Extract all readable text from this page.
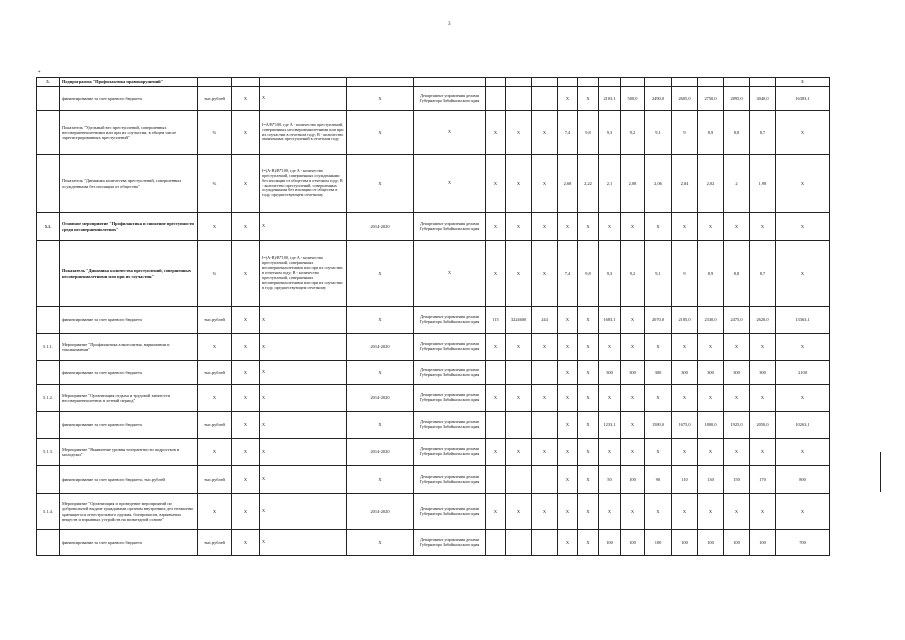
3
*
5.	Подпрограмма "Профилактика правонарушений"																		5
	финансирование за счет краевого бюджета	тыс.рублей	X	X	X	Департамент управления делами Губернатора Забайкальского края				X	X	2103,1	500,0	2490,0	2605,0	2750,0	2895,0	3040,0	16383,1
	Показатель "Удельный вес преступлений, совершенных несовершеннолетними или при их соучастии, в общем числе зарегистрированных преступлений"	%	X	I=A/B*100, где A - количество преступлений, совершенных несовершеннолетними или при их соучастии в отчетном году; B - количество оконченных преступлений в отчетном году	X	X	X	X	X	7,4	9,8	9,3	9,2	9,1	9	8,9	8,8	8,7	X
	Показатель "Динамика количества преступлений, совершенных осужденными без изоляции от общества"	%	X	I=(A-B)/B*100, где A - количество преступлений, совершенных осужденными без изоляции от общества в отчетном году; B - количество преступлений, совершенных осужденными без изоляции от общества в году, предшествующем отчетному	X	X	X	X	X	2,68	2,22	2,1	2,08	2,06	2,04	2,02	2	1,98	X
5.1.	Основное мероприятие "Профилактика и снижение преступности среди несовершеннолетних"	X	X	X	2014-2020	Департамент управления делами Губернатора Забайкальского края	X	X	X	X	X	X	X	X	X	X	X	X	X
	Показатель "Динамика количества преступлений, совершенных несовершеннолетними или при их соучастии"	%	X	I=(A-B)/B*100, где A - количество преступлений, совершенных несовершеннолетними или при их соучастии в отчетном году; B - количество преступлений, совершенных несовершеннолетними или при их соучастии в году, предшествующем отчетному	X	X	X	X	X	7,4	9,8	9,3	9,2	9,1	9	8,9	8,8	8,7	X
	финансирование за счет краевого бюджета	тыс.рублей	X	X	X	Департамент управления делами Губернатора Забайкальского края	115	3224600	244	X	X	1683,1	X	2070,0	2185,0	2330,0	2475,0	2620,0	13363,1
5.1.1.	Мероприятие "Профилактика алкоголизма, наркомании и токсикомании"	X	X	X	2014-2020	Департамент управления делами Губернатора Забайкальского края	X	X	X	X	X	X	X	X	X	X	X	X	X
	финансирование за счет краевого бюджета	тыс.рублей	X	X	X	Департамент управления делами Губернатора Забайкальского края				X	X	300	300	300	300	300	300	300	2100
5.1.2.	Мероприятие "Организация отдыха и трудовой занятости несовершеннолетних в летний период"	X	X	X	2014-2020	Департамент управления делами Губернатора Забайкальского края	X	X	X	X	X	X	X	X	X	X	X	X	X
	финансирование за счет краевого бюджета	тыс.рублей	X	X	X	Департамент управления делами Губернатора Забайкальского края				X	X	1233,1	X	1580,0	1675,0	1800,0	1925,0	2050,0	10263,1
5.1.3.	Мероприятие "Выявление уровня толерантности подростков и молодежи"	X	X	X	2014-2020	Департамент управления делами Губернатора Забайкальского края	X	X	X	X	X	X	X	X	X	X	X	X	X
	финансирование за счет краевого бюджета, тыс.рублей	тыс.рублей	X	X	X	Департамент управления делами Губернатора Забайкальского края				X	X	50	100	90	110	130	150	170	800
5.1.4.	Мероприятие "Организация и проведение мероприятий по добровольной выдаче гражданами органам внутренних дел незаконно хранящегося огнестрельного оружия, боеприпасов, взрывчатых веществ и взрывных устройств на возмездной основе"	X	X	X	2014-2020	Департамент управления делами Губернатора Забайкальского края	X	X	X	X	X	X	X	X	X	X	X	X	X
	финансирование за счет краевого бюджета	тыс.рублей	X	X	X	Департамент управления делами Губернатора Забайкальского края				X	X	100	100	100	100	100	100	100	700
